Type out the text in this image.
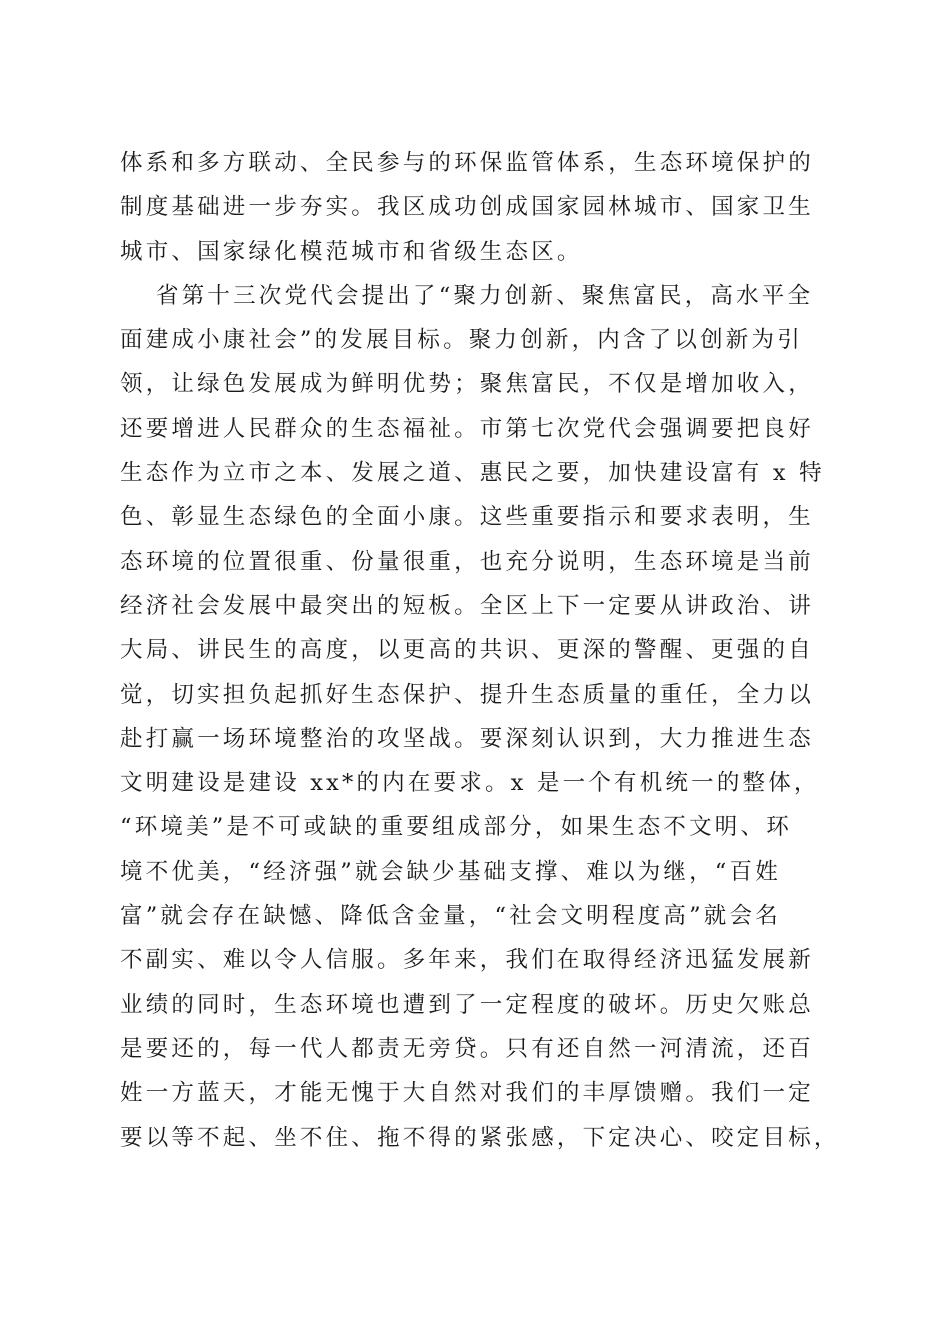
体系和多方联动、全民参与的环保监管体系，生态环境保护的
制度基础进一步夯实。我区成功创成国家园林城市、国家卫生
城市、国家绿化模范城市和省级生态区。
省第十三次党代会提出了“聚力创新、聚焦富民，高水平全
面建成小康社会”的发展目标。聚力创新，内含了以创新为引
领，让绿色发展成为鲜明优势；聚焦富民，不仅是增加收入，
还要增进人民群众的生态福祉。市第七次党代会强调要把良好
生态作为立市之本、发展之道、惠民之要，加快建设富有 x 特
色、彰显生态绿色的全面小康。这些重要指示和要求表明，生
态环境的位置很重、份量很重，也充分说明，生态环境是当前
经济社会发展中最突出的短板。全区上下一定要从讲政治、讲
大局、讲民生的高度，以更高的共识、更深的警醒、更强的自
觉，切实担负起抓好生态保护、提升生态质量的重任，全力以
赴打赢一场环境整治的攻坚战。要深刻认识到，大力推进生态
文明建设是建设 xx*的内在要求。x 是一个有机统一的整体，
“环境美”是不可或缺的重要组成部分，如果生态不文明、环
境不优美，“经济强”就会缺少基础支撑、难以为继，“百姓
富”就会存在缺憾、降低含金量，“社会文明程度高”就会名
不副实、难以令人信服。多年来，我们在取得经济迅猛发展新
业绩的同时，生态环境也遭到了一定程度的破坏。历史欠账总
是要还的，每一代人都责无旁贷。只有还自然一河清流，还百
姓一方蓝天，才能无愧于大自然对我们的丰厚馈赠。我们一定
要以等不起、坐不住、拖不得的紧张感，下定决心、咬定目标，
